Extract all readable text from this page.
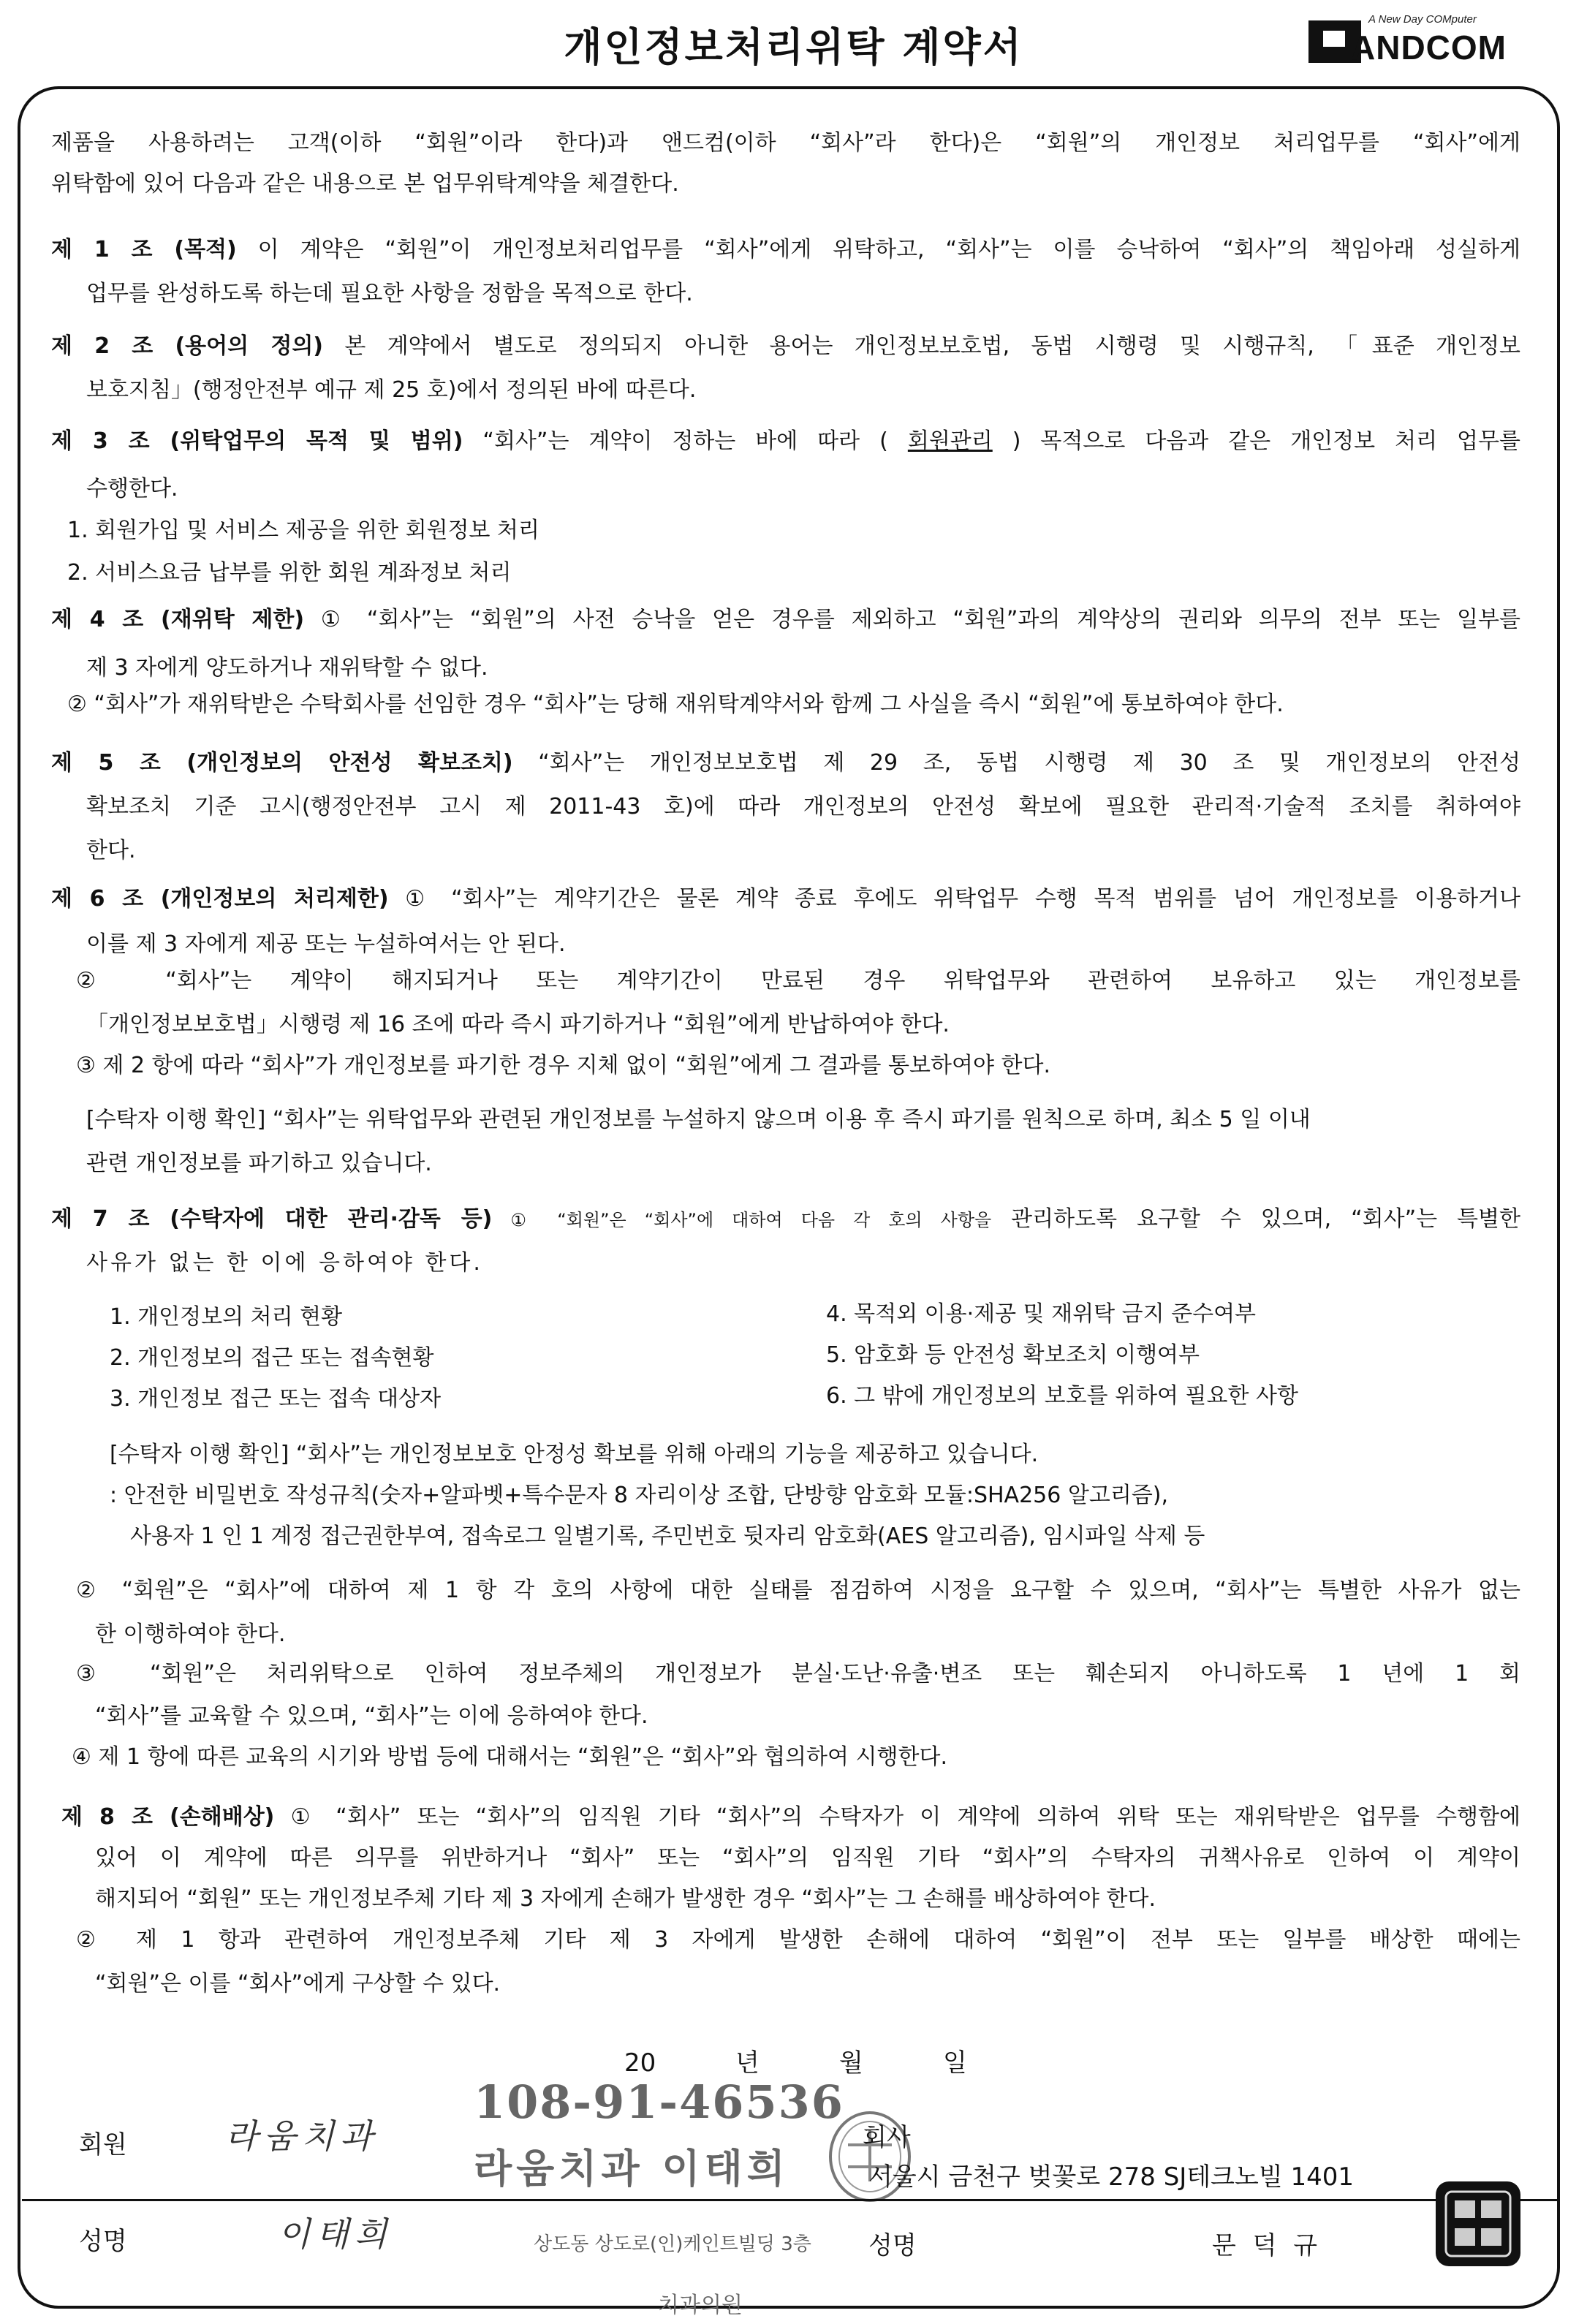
개인정보처리위탁 계약서
A New Day COMputer
ANDCOM
제품을 사용하려는 고객(이하 “회원”이라 한다)과 앤드컴(이하 “회사”라 한다)은 “회원”의 개인정보 처리업무를 “회사”에게
위탁함에 있어 다음과 같은 내용으로 본 업무위탁계약을 체결한다.
제 1 조 (목적) 이 계약은 “회원”이 개인정보처리업무를 “회사”에게 위탁하고, “회사”는 이를 승낙하여 “회사”의 책임아래 성실하게
업무를 완성하도록 하는데 필요한 사항을 정함을 목적으로 한다.
제 2 조 (용어의 정의) 본 계약에서 별도로 정의되지 아니한 용어는 개인정보보호법, 동법 시행령 및 시행규칙, 「표준 개인정보
보호지침」(행정안전부 예규 제 25 호)에서 정의된 바에 따른다.
제 3 조 (위탁업무의 목적 및 범위) “회사”는 계약이 정하는 바에 따라 ( 회원관리 ) 목적으로 다음과 같은 개인정보 처리 업무를
수행한다.
1. 회원가입 및 서비스 제공을 위한 회원정보 처리
2. 서비스요금 납부를 위한 회원 계좌정보 처리
제 4 조 (재위탁 제한) ① “회사”는 “회원”의 사전 승낙을 얻은 경우를 제외하고 “회원”과의 계약상의 권리와 의무의 전부 또는 일부를
제 3 자에게 양도하거나 재위탁할 수 없다.
② “회사”가 재위탁받은 수탁회사를 선임한 경우 “회사”는 당해 재위탁계약서와 함께 그 사실을 즉시 “회원”에 통보하여야 한다.
제 5 조 (개인정보의 안전성 확보조치) “회사”는 개인정보보호법 제 29 조, 동법 시행령 제 30 조 및 개인정보의 안전성
확보조치 기준 고시(행정안전부 고시 제 2011-43 호)에 따라 개인정보의 안전성 확보에 필요한 관리적·기술적 조치를 취하여야
한다.
제 6 조 (개인정보의 처리제한) ① “회사”는 계약기간은 물론 계약 종료 후에도 위탁업무 수행 목적 범위를 넘어 개인정보를 이용하거나
이를 제 3 자에게 제공 또는 누설하여서는 안 된다.
② “회사”는 계약이 해지되거나 또는 계약기간이 만료된 경우 위탁업무와 관련하여 보유하고 있는 개인정보를
「개인정보보호법」시행령 제 16 조에 따라 즉시 파기하거나 “회원”에게 반납하여야 한다.
③ 제 2 항에 따라 “회사”가 개인정보를 파기한 경우 지체 없이 “회원”에게 그 결과를 통보하여야 한다.
[수탁자 이행 확인] “회사”는 위탁업무와 관련된 개인정보를 누설하지 않으며 이용 후 즉시 파기를 원칙으로 하며, 최소 5 일 이내
관련 개인정보를 파기하고 있습니다.
제 7 조 (수탁자에 대한 관리·감독 등) ① “회원”은 “회사”에 대하여 다음 각 호의 사항을 관리하도록 요구할 수 있으며, “회사”는 특별한
사유가 없는 한 이에 응하여야 한다.
1. 개인정보의 처리 현황
2. 개인정보의 접근 또는 접속현황
3. 개인정보 접근 또는 접속 대상자
4. 목적외 이용·제공 및 재위탁 금지 준수여부
5. 암호화 등 안전성 확보조치 이행여부
6. 그 밖에 개인정보의 보호를 위하여 필요한 사항
[수탁자 이행 확인] “회사”는 개인정보보호 안정성 확보를 위해 아래의 기능을 제공하고 있습니다.
: 안전한 비밀번호 작성규칙(숫자+알파벳+특수문자 8 자리이상 조합, 단방향 암호화 모듈:SHA256 알고리즘),
사용자 1 인 1 계정 접근권한부여, 접속로그 일별기록, 주민번호 뒷자리 암호화(AES 알고리즘), 임시파일 삭제 등
② “회원”은 “회사”에 대하여 제 1 항 각 호의 사항에 대한 실태를 점검하여 시정을 요구할 수 있으며, “회사”는 특별한 사유가 없는
한 이행하여야 한다.
③ “회원”은 처리위탁으로 인하여 정보주체의 개인정보가 분실·도난·유출·변조 또는 훼손되지 아니하도록 1 년에 1 회
“회사”를 교육할 수 있으며, “회사”는 이에 응하여야 한다.
④ 제 1 항에 따른 교육의 시기와 방법 등에 대해서는 “회원”은 “회사”와 협의하여 시행한다.
제 8 조 (손해배상) ① “회사” 또는 “회사”의 임직원 기타 “회사”의 수탁자가 이 계약에 의하여 위탁 또는 재위탁받은 업무를 수행함에
있어 이 계약에 따른 의무를 위반하거나 “회사” 또는 “회사”의 임직원 기타 “회사”의 수탁자의 귀책사유로 인하여 이 계약이
해지되어 “회원” 또는 개인정보주체 기타 제 3 자에게 손해가 발생한 경우 “회사”는 그 손해를 배상하여야 한다.
② 제 1 항과 관련하여 개인정보주체 기타 제 3 자에게 발생한 손해에 대하여 “회원”이 전부 또는 일부를 배상한 때에는
“회원”은 이를 “회사”에게 구상할 수 있다.
20	년	월	일
108-91-46536
회원	라움치과
라움치과 이태희
회사
서울시 금천구 벚꽃로 278 SJ테크노빌 1401
성명	이태희	상도동 상도로(인)케인트빌딩 3층 성명	문 덕 규
치과의원
